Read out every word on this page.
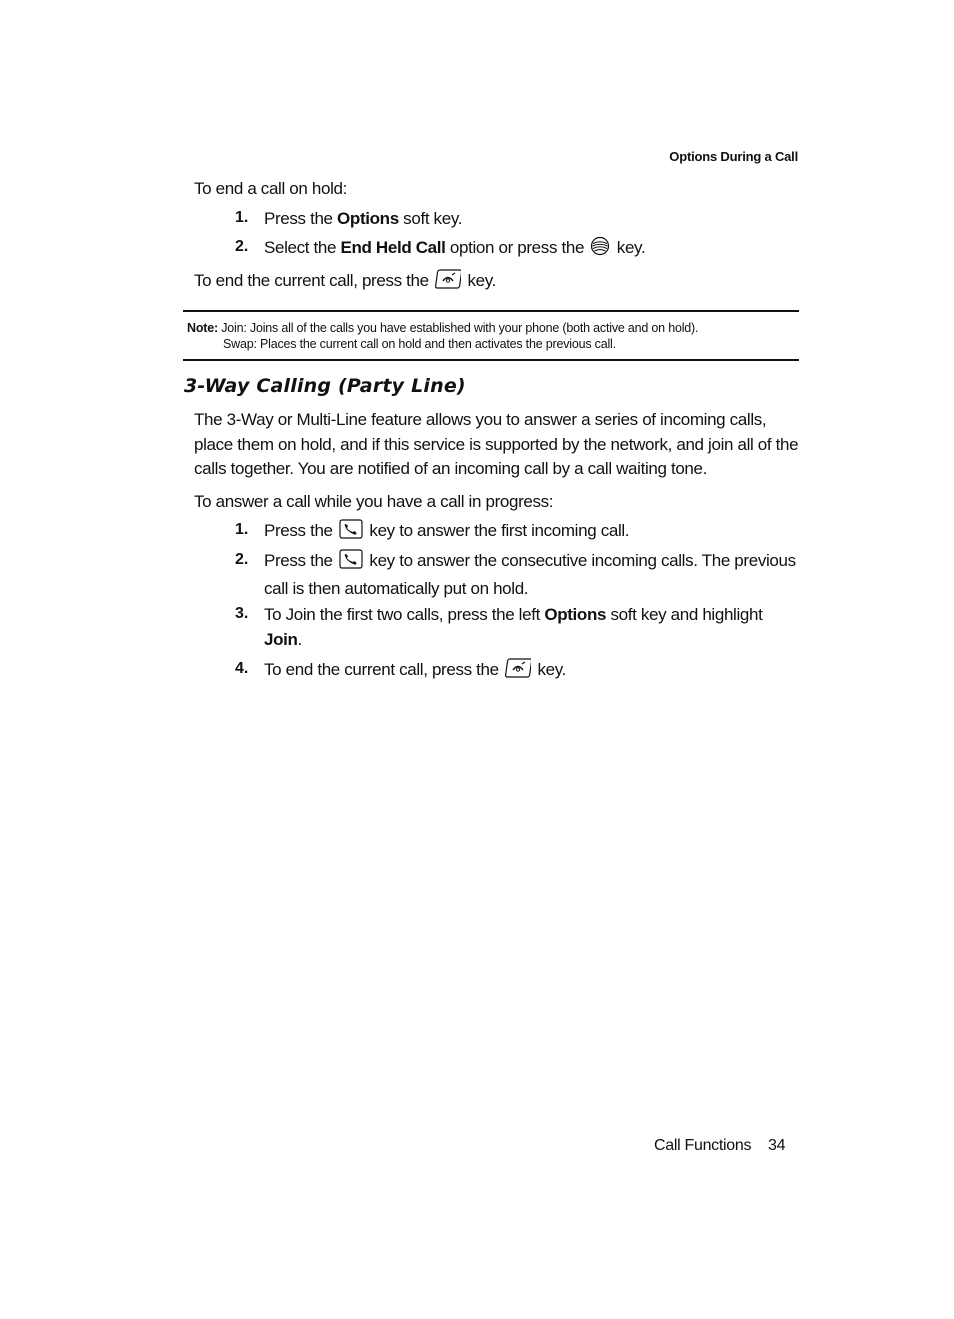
Options During a Call
To end a call on hold:
1. Press the Options soft key.
2. Select the End Held Call option or press the  key.
To end the current call, press the  key.
Note: Join: Joins all of the calls you have established with your phone (both active and on hold).
Swap: Places the current call on hold and then activates the previous call.
3-Way Calling (Party Line)
The 3-Way or Multi-Line feature allows you to answer a series of incoming calls,
place them on hold, and if this service is supported by the network, and join all of the
calls together. You are notified of an incoming call by a call waiting tone.
To answer a call while you have a call in progress:
1. Press the  key to answer the first incoming call.
2. Press the  key to answer the consecutive incoming calls. The previous
call is then automatically put on hold.
3. To Join the first two calls, press the left Options soft key and highlight
Join.
4. To end the current call, press the  key.
Call Functions 34
